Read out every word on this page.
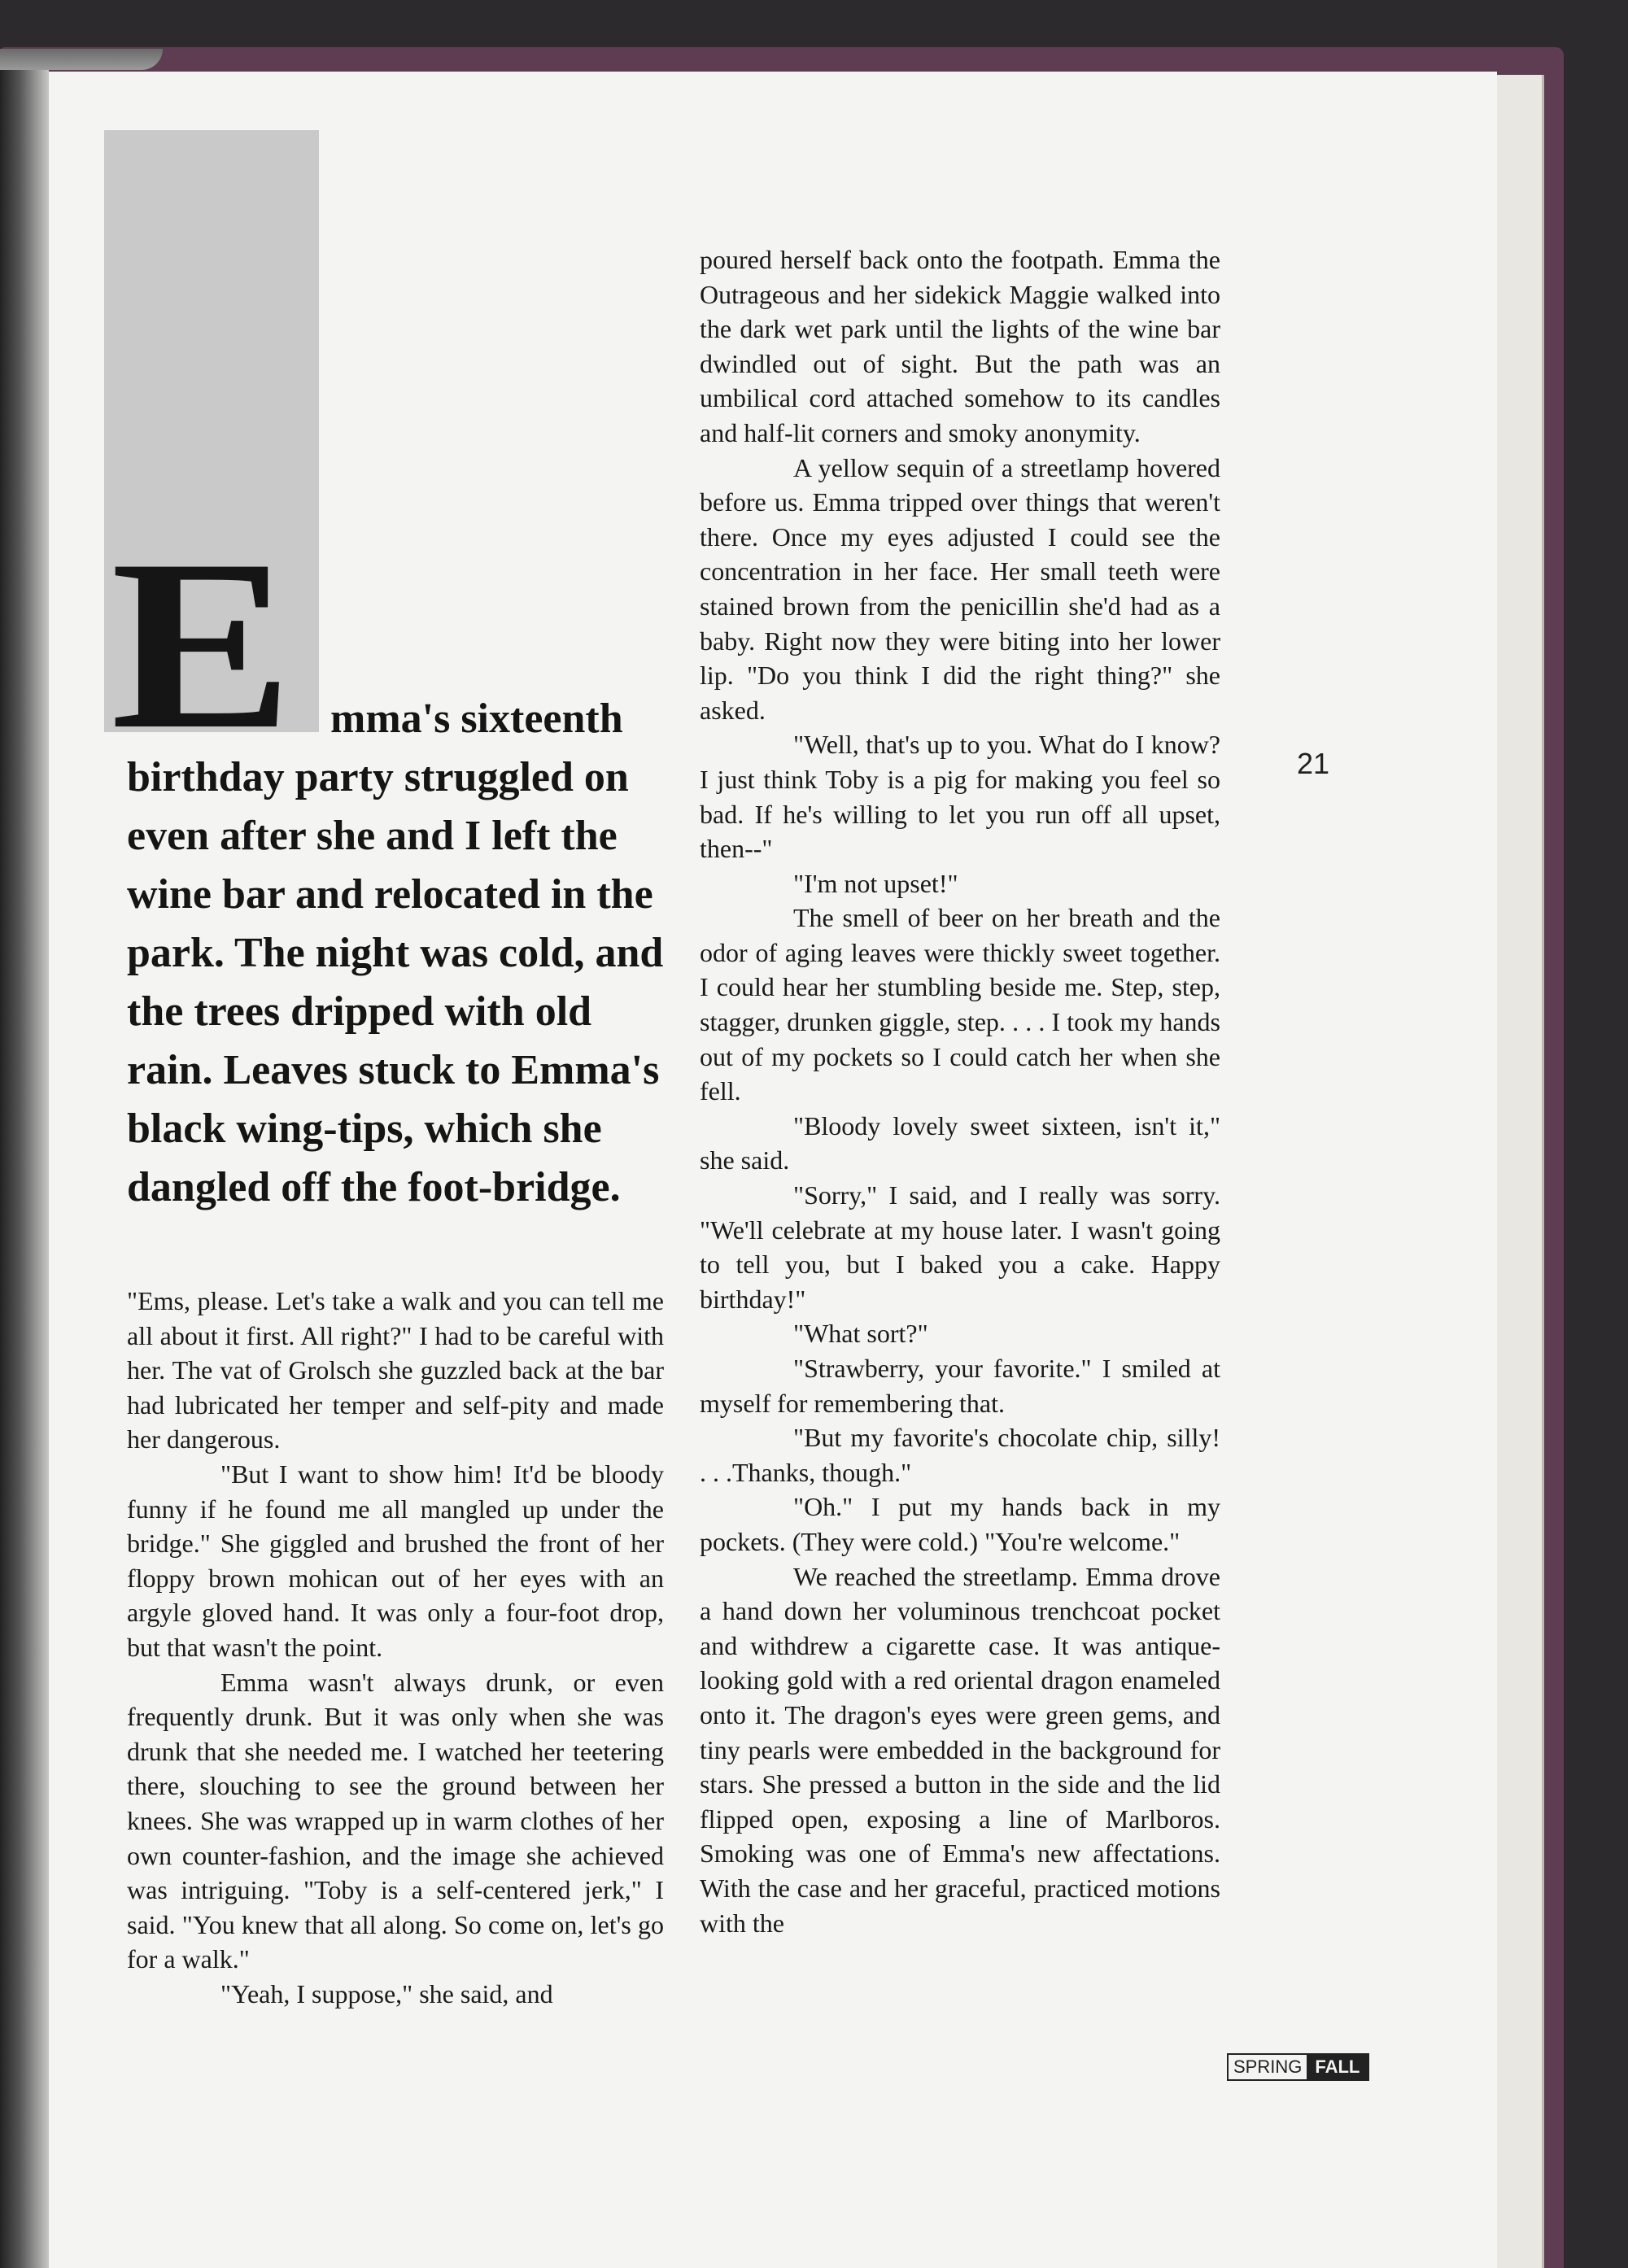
E mma's sixteenth
birthday party struggled on even after she and I left the wine bar and relocated in the park. The night was cold, and the trees dripped with old rain. Leaves stuck to Emma's black wing-tips, which she dangled off the foot-bridge.

"Ems, please. Let's take a walk and you can tell me all about it first. All right?" I had to be careful with her. The vat of Grolsch she guzzled back at the bar had lubricated her temper and self-pity and made her dangerous.

"But I want to show him! It'd be bloody funny if he found me all mangled up under the bridge." She giggled and brushed the front of her floppy brown mohican out of her eyes with an argyle gloved hand. It was only a four-foot drop, but that wasn't the point.

Emma wasn't always drunk, or even frequently drunk. But it was only when she was drunk that she needed me. I watched her teetering there, slouching to see the ground between her knees. She was wrapped up in warm clothes of her own counter-fashion, and the image she achieved was intriguing. "Toby is a self-centered jerk," I said. "You knew that all along. So come on, let's go for a walk."

"Yeah, I suppose," she said, and

poured herself back onto the footpath. Emma the Outrageous and her sidekick Maggie walked into the dark wet park until the lights of the wine bar dwindled out of sight. But the path was an umbilical cord attached somehow to its candles and half-lit corners and smoky anonymity.

A yellow sequin of a streetlamp hovered before us. Emma tripped over things that weren't there. Once my eyes adjusted I could see the concentration in her face. Her small teeth were stained brown from the penicillin she'd had as a baby. Right now they were biting into her lower lip. "Do you think I did the right thing?" she asked.

"Well, that's up to you. What do I know? I just think Toby is a pig for making you feel so bad. If he's willing to let you run off all upset, then--"

"I'm not upset!"

The smell of beer on her breath and the odor of aging leaves were thickly sweet together. I could hear her stumbling beside me. Step, step, stagger, drunken giggle, step. . . . I took my hands out of my pockets so I could catch her when she fell.

"Bloody lovely sweet sixteen, isn't it," she said.

"Sorry," I said, and I really was sorry. "We'll celebrate at my house later. I wasn't going to tell you, but I baked you a cake. Happy birthday!"

"What sort?"

"Strawberry, your favorite." I smiled at myself for remembering that.

"But my favorite's chocolate chip, silly! . . .Thanks, though."

"Oh." I put my hands back in my pockets. (They were cold.) "You're welcome."

We reached the streetlamp. Emma drove a hand down her voluminous trenchcoat pocket and withdrew a cigarette case. It was antique-looking gold with a red oriental dragon enameled onto it. The dragon's eyes were green gems, and tiny pearls were embedded in the background for stars. She pressed a button in the side and the lid flipped open, exposing a line of Marlboros. Smoking was one of Emma's new affectations. With the case and her graceful, practiced motions with the

21
SPRING FALL
